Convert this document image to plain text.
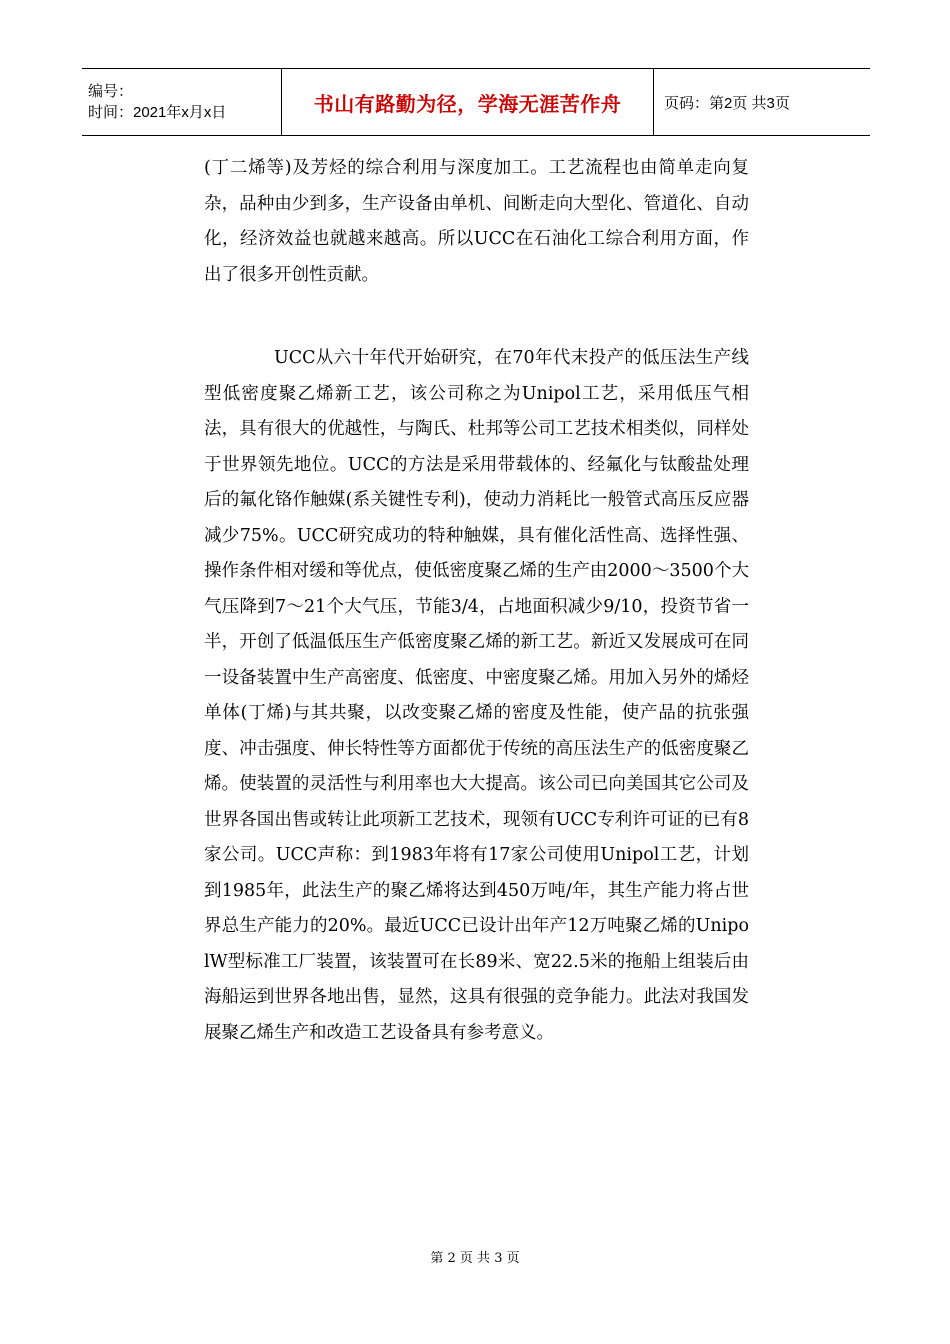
编号：
时间：2021年x月x日	书山有路勤为径，学海无涯苦作舟	页码：第2页 共3页
(丁二烯等)及芳烃的综合利用与深度加工。工艺流程也由简单走向复杂，品种由少到多，生产设备由单机、间断走向大型化、管道化、自动化，经济效益也就越来越高。所以UCC在石油化工综合利用方面，作出了很多开创性贡献。
UCC从六十年代开始研究，在70年代末投产的低压法生产线型低密度聚乙烯新工艺，该公司称之为Unipol工艺，采用低压气相法，具有很大的优越性，与陶氏、杜邦等公司工艺技术相类似，同样处于世界领先地位。UCC的方法是采用带载体的、经氟化与钛酸盐处理后的氟化铬作触媒(系关键性专利)，使动力消耗比一般管式高压反应器减少75%。UCC研究成功的特种触媒，具有催化活性高、选择性强、操作条件相对缓和等优点，使低密度聚乙烯的生产由2000～3500个大气压降到7～21个大气压，节能3/4，占地面积减少9/10，投资节省一半，开创了低温低压生产低密度聚乙烯的新工艺。新近又发展成可在同一设备装置中生产高密度、低密度、中密度聚乙烯。用加入另外的烯烃单体(丁烯)与其共聚，以改变聚乙烯的密度及性能，使产品的抗张强度、冲击强度、伸长特性等方面都优于传统的高压法生产的低密度聚乙烯。使装置的灵活性与利用率也大大提高。该公司已向美国其它公司及世界各国出售或转让此项新工艺技术，现领有UCC专利许可证的已有8家公司。UCC声称：到1983年将有17家公司使用Unipol工艺，计划到1985年，此法生产的聚乙烯将达到450万吨/年，其生产能力将占世界总生产能力的20%。最近UCC已设计出年产12万吨聚乙烯的UnipolW型标准工厂装置，该装置可在长89米、宽22.5米的拖船上组装后由海船运到世界各地出售，显然，这具有很强的竞争能力。此法对我国发展聚乙烯生产和改造工艺设备具有参考意义。
第 2 页 共 3 页
